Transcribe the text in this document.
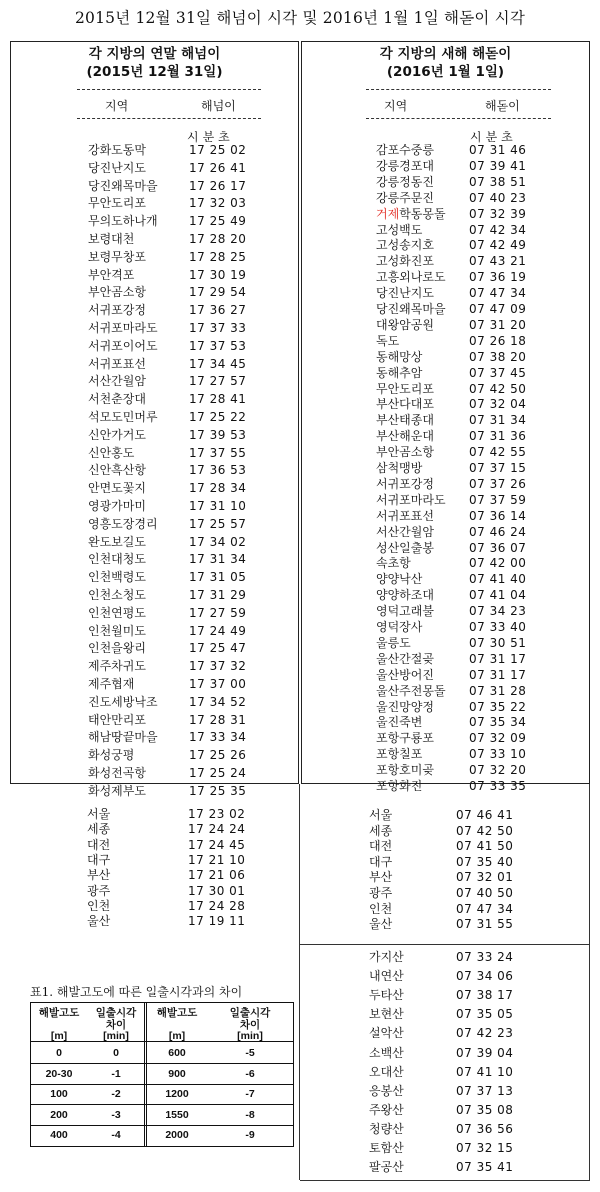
2015년 12월 31일 해넘이 시각 및 2016년 1월 1일 해돋이 시각
각 지방의 연말 해넘이
(2015년 12월 31일)
지역	해넘이
시분초
강화도동막	17 25 02
당진난지도	17 26 41
당진왜목마을	17 26 17
무안도리포	17 32 03
무의도하나개	17 25 49
보령대천	17 28 20
보령무창포	17 28 25
부안격포	17 30 19
부안곰소항	17 29 54
서귀포강정	17 36 27
서귀포마라도	17 37 33
서귀포이어도	17 37 53
서귀포표선	17 34 45
서산간월암	17 27 57
서천춘장대	17 28 41
석모도민머루	17 25 22
신안가거도	17 39 53
신안홍도	17 37 55
신안흑산항	17 36 53
안면도꽃지	17 28 34
영광가마미	17 31 10
영흥도장경리	17 25 57
완도보길도	17 34 02
인천대청도	17 31 34
인천백령도	17 31 05
인천소청도	17 31 29
인천연평도	17 27 59
인천월미도	17 24 49
인천을왕리	17 25 47
제주차귀도	17 37 32
제주협재	17 37 00
진도세방낙조	17 34 52
태안만리포	17 28 31
해남땅끝마을	17 33 34
화성궁평	17 25 26
화성전곡항	17 25 24
화성제부도	17 25 35
서울	17 23 02
세종	17 24 24
대전	17 24 45
대구	17 21 10
부산	17 21 06
광주	17 30 01
인천	17 24 28
울산	17 19 11
각 지방의 새해 해돋이
(2016년 1월 1일)
지역	해돋이
시분초
감포수중릉	07 31 46
강릉경포대	07 39 41
강릉정동진	07 38 51
강릉주문진	07 40 23
거제학동몽돌 07 32 39
고성백도	07 42 34
고성송지호	07 42 49
고성화진포	07 43 21
고흥외나로도 07 36 19
당진난지도	07 47 34
당진왜목마을 07 47 09
대왕암공원	07 31 20
독도	07 26 18
동해망상	07 38 20
동해추암	07 37 45
무안도리포	07 42 50
부산다대포	07 32 04
부산태종대	07 31 34
부산해운대	07 31 36
부안곰소항	07 42 55
삼척맹방	07 37 15
서귀포강정	07 37 26
서귀포마라도 07 37 59
서귀포표선	07 36 14
서산간월암	07 46 24
성산일출봉	07 36 07
속초항	07 42 00
양양낙산	07 41 40
양양하조대	07 41 04
영덕고래불	07 34 23
영덕장사	07 33 40
울릉도	07 30 51
울산간절곶	07 31 17
울산방어진	07 31 17
울산주전몽돌 07 31 28
울진망양정	07 35 22
울진죽변	07 35 34
포항구룡포	07 32 09
포항칠포	07 33 10
포항호미곶	07 32 20
포항화진	07 33 35
서울	07 46 41
세종	07 42 50
대전	07 41 50
대구	07 35 40
부산	07 32 01
광주	07 40 50
인천	07 47 34
울산	07 31 55
가지산	07 33 24
내연산	07 34 06
두타산	07 38 17
보현산	07 35 05
설악산	07 42 23
소백산	07 39 04
오대산	07 41 10
응봉산	07 37 13
주왕산	07 35 08
청량산	07 36 56
토함산	07 32 15
팔공산	07 35 41
표1. 해발고도에 따른 일출시각과의 차이
해발고도
[m]
일출시각
차이
[min]
해발고도
[m]
일출시각
차이
[min]
0	0	600	-5
20-30	-1	900	-6
100	-2	1200	-7
200	-3	1550	-8
400	-4	2000	-9
